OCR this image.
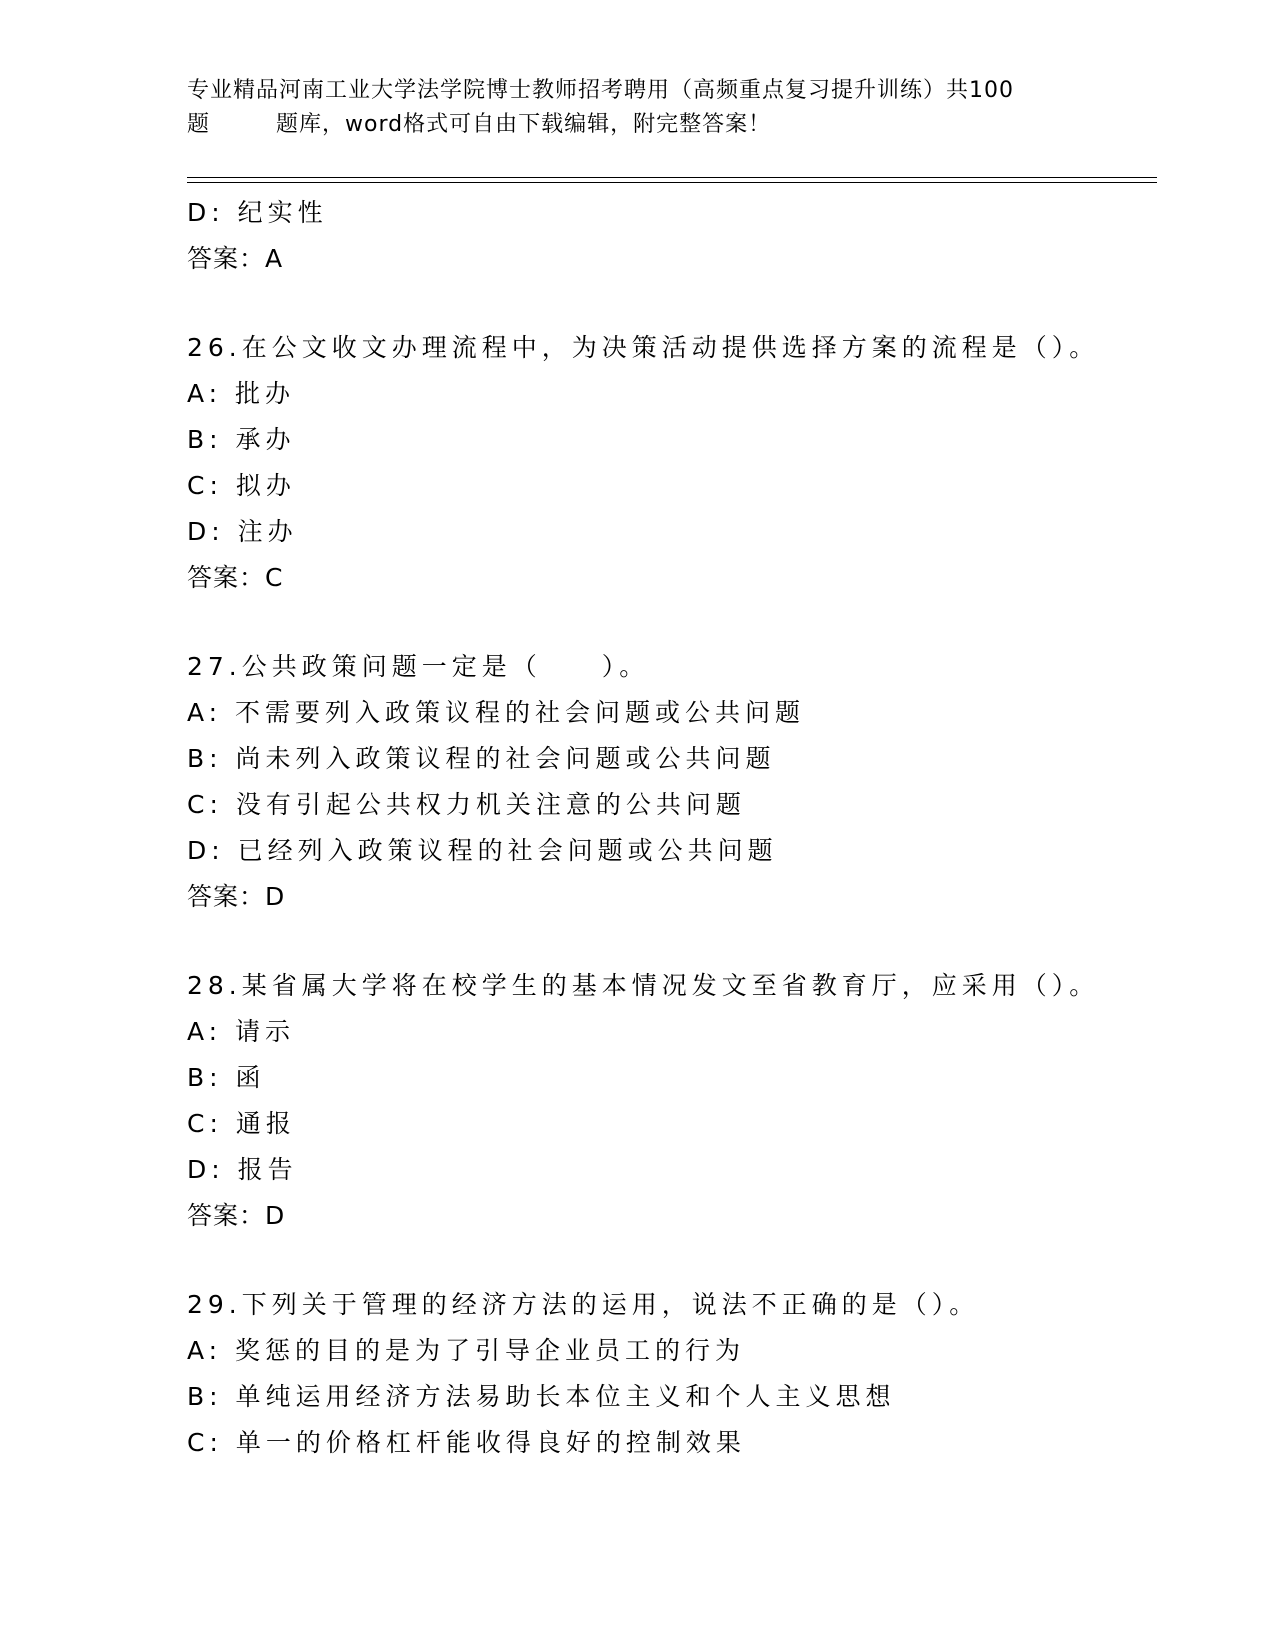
专业精品河南工业大学法学院博士教师招考聘用（高频重点复习提升训练）共100
题	题库，word格式可自由下载编辑，附完整答案！
D: 纪实性
答案：A
26.在公文收文办理流程中，为决策活动提供选择方案的流程是（）。
A: 批办
B: 承办
C: 拟办
D: 注办
答案：C
27.公共政策问题一定是（　　）。
A: 不需要列入政策议程的社会问题或公共问题
B: 尚未列入政策议程的社会问题或公共问题
C: 没有引起公共权力机关注意的公共问题
D: 已经列入政策议程的社会问题或公共问题
答案：D
28.某省属大学将在校学生的基本情况发文至省教育厅，应采用（）。
A: 请示
B: 函
C: 通报
D: 报告
答案：D
29.下列关于管理的经济方法的运用，说法不正确的是（）。
A: 奖惩的目的是为了引导企业员工的行为
B: 单纯运用经济方法易助长本位主义和个人主义思想
C: 单一的价格杠杆能收得良好的控制效果
